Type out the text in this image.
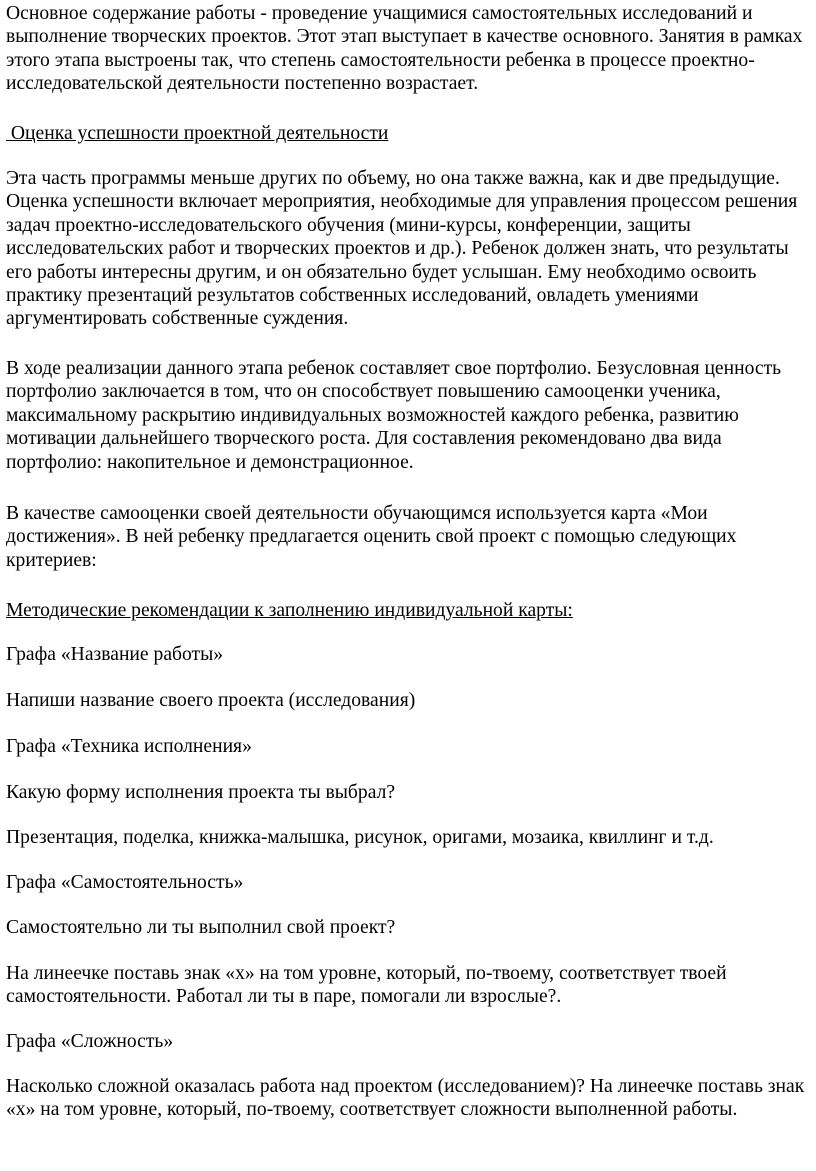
Основное содержание работы - проведение учащимися самостоятельных исследований и выполнение творческих проектов. Этот этап выступает в качестве основного. Занятия в рамках этого этапа выстроены так, что степень самостоятельности ребенка в процессе проектно-исследовательской деятельности постепенно возрастает.

Оценка успешности проектной деятельности

Эта часть программы меньше других по объему, но она также важна, как и две предыдущие. Оценка успешности включает мероприятия, необходимые для управления процессом решения задач проектно-исследовательского обучения (мини-курсы, конференции, защиты исследовательских работ и творческих проектов и др.). Ребенок должен знать, что результаты его работы интересны другим, и он обязательно будет услышан. Ему необходимо освоить практику презентаций результатов собственных исследований, овладеть умениями аргументировать собственные суждения.

В ходе реализации данного этапа ребенок составляет свое портфолио. Безусловная ценность портфолио заключается в том, что он способствует повышению самооценки ученика, максимальному раскрытию индивидуальных возможностей каждого ребенка, развитию мотивации дальнейшего творческого роста. Для составления рекомендовано два вида портфолио: накопительное и демонстрационное.

В качестве самооценки своей деятельности обучающимся используется карта «Мои достижения». В ней ребенку предлагается оценить свой проект с помощью следующих критериев:

Методические рекомендации к заполнению индивидуальной карты:

Графа «Название работы»

Напиши название своего проекта (исследования)

Графа «Техника исполнения»

Какую форму исполнения проекта ты выбрал?

Презентация, поделка, книжка-малышка, рисунок, оригами, мозаика, квиллинг и т.д.

Графа «Самостоятельность»

Самостоятельно ли ты выполнил свой проект?

На линеечке поставь знак «х» на том уровне, который, по-твоему, соответствует твоей самостоятельности. Работал ли ты в паре, помогали ли взрослые?.

Графа «Сложность»

Насколько сложной оказалась работа над проектом (исследованием)? На линеечке поставь знак «х» на том уровне, который, по-твоему, соответствует сложности выполненной работы.
